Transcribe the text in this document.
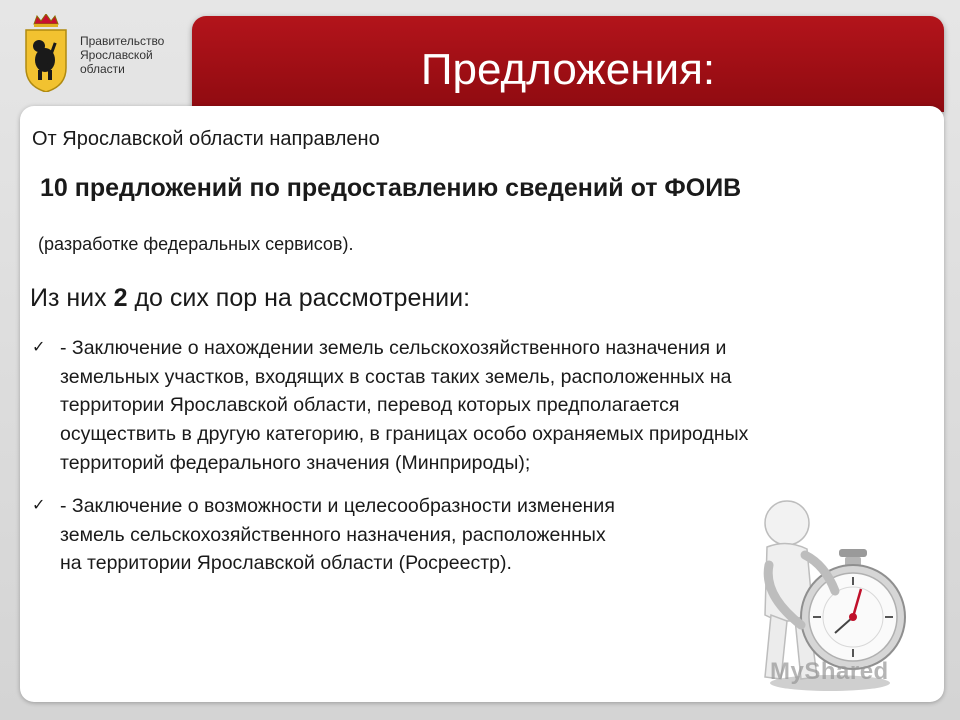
Правительство
Ярославской
области	Предложения:
От Ярославской области направлено
10 предложений по предоставлению сведений от ФОИВ
(разработке федеральных сервисов).
Из них 2 до сих пор на рассмотрении:
✓ - Заключение о нахождении земель сельскохозяйственного назначения и
земельных участков, входящих в состав таких земель, расположенных на
территории Ярославской области, перевод которых предполагается
осуществить в другую категорию, в границах особо охраняемых природных
территорий федерального значения (Минприроды);
✓ - Заключение о возможности и целесообразности изменения
земель сельскохозяйственного назначения, расположенных
на территории Ярославской области (Росреестр).
MyShared
